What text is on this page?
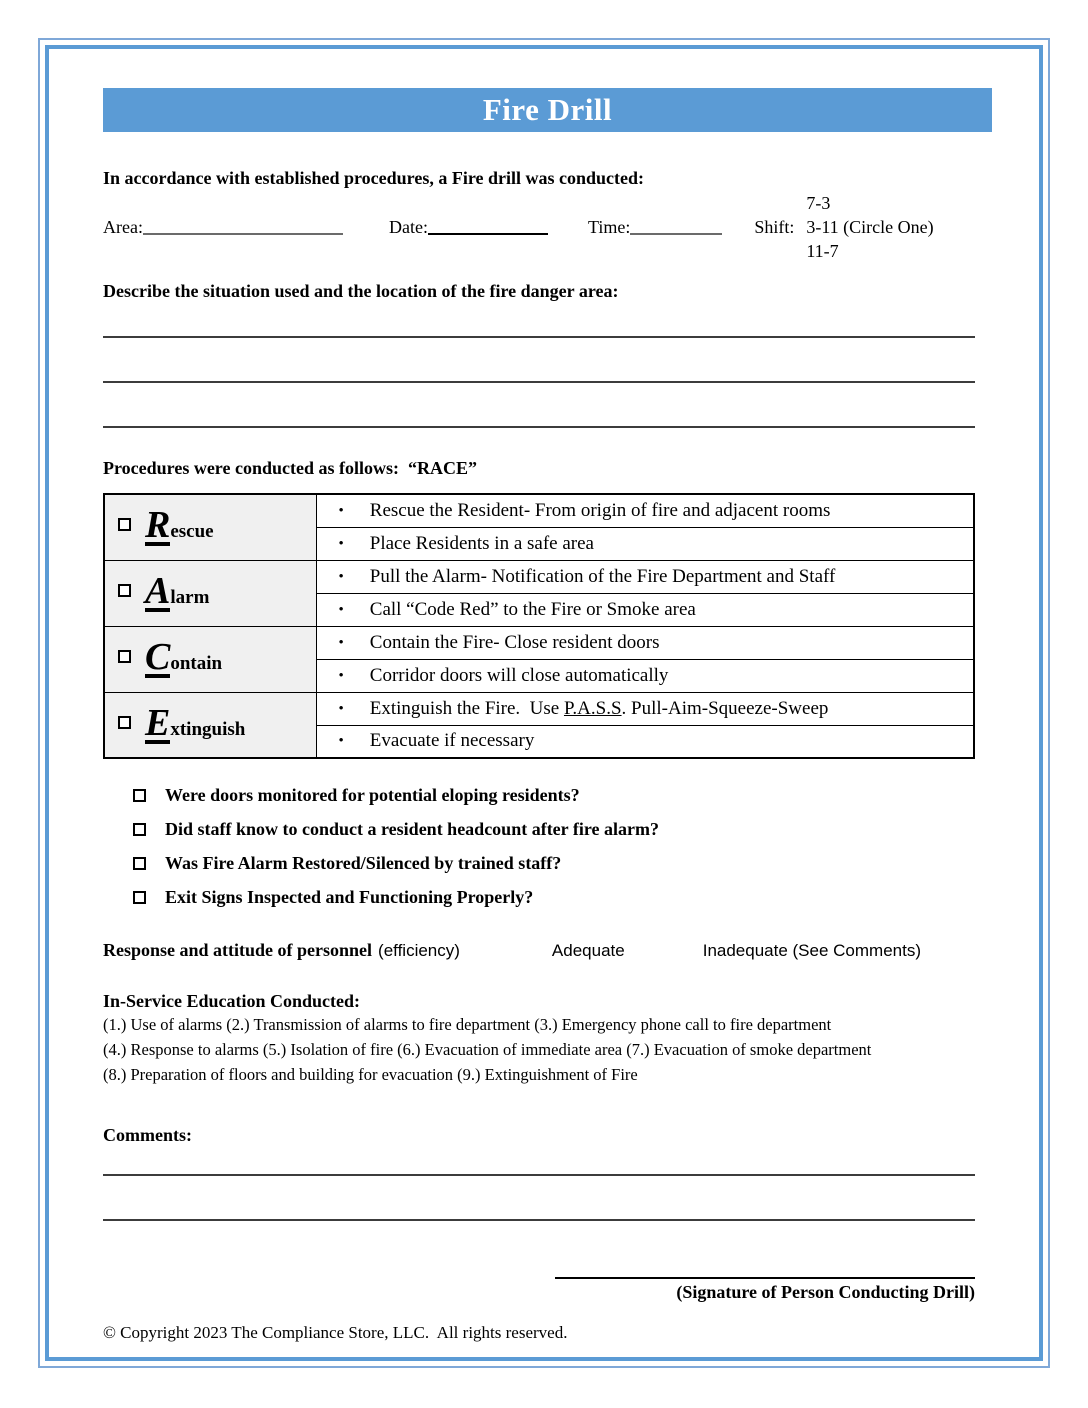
Fire Drill

In accordance with established procedures, a Fire drill was conducted:

Area:	Date:	Time:	Shift:
7-3
3-11 (Circle One)
11-7

Describe the situation used and the location of the fire danger area:

Procedures were conducted as follows:  “RACE”

Rescue	• Rescue the Resident- From origin of fire and adjacent rooms
	• Place Residents in a safe area
Alarm	• Pull the Alarm- Notification of the Fire Department and Staff
	• Call “Code Red” to the Fire or Smoke area
Contain	• Contain the Fire- Close resident doors
	• Corridor doors will close automatically
Extinguish	• Extinguish the Fire.  Use P.A.S.S. Pull-Aim-Squeeze-Sweep
	• Evacuate if necessary
Were doors monitored for potential eloping residents?
Did staff know to conduct a resident headcount after fire alarm?
Was Fire Alarm Restored/Silenced by trained staff?
Exit Signs Inspected and Functioning Properly?
Response and attitude of personnel (efficiency)	Adequate	Inadequate (See Comments)

In-Service Education Conducted:

(1.) Use of alarms (2.) Transmission of alarms to fire department (3.) Emergency phone call to fire department

(4.) Response to alarms (5.) Isolation of fire (6.) Evacuation of immediate area (7.) Evacuation of smoke department

(8.) Preparation of floors and building for evacuation (9.) Extinguishment of Fire

Comments:

(Signature of Person Conducting Drill)

© Copyright 2023 The Compliance Store, LLC.  All rights reserved.
